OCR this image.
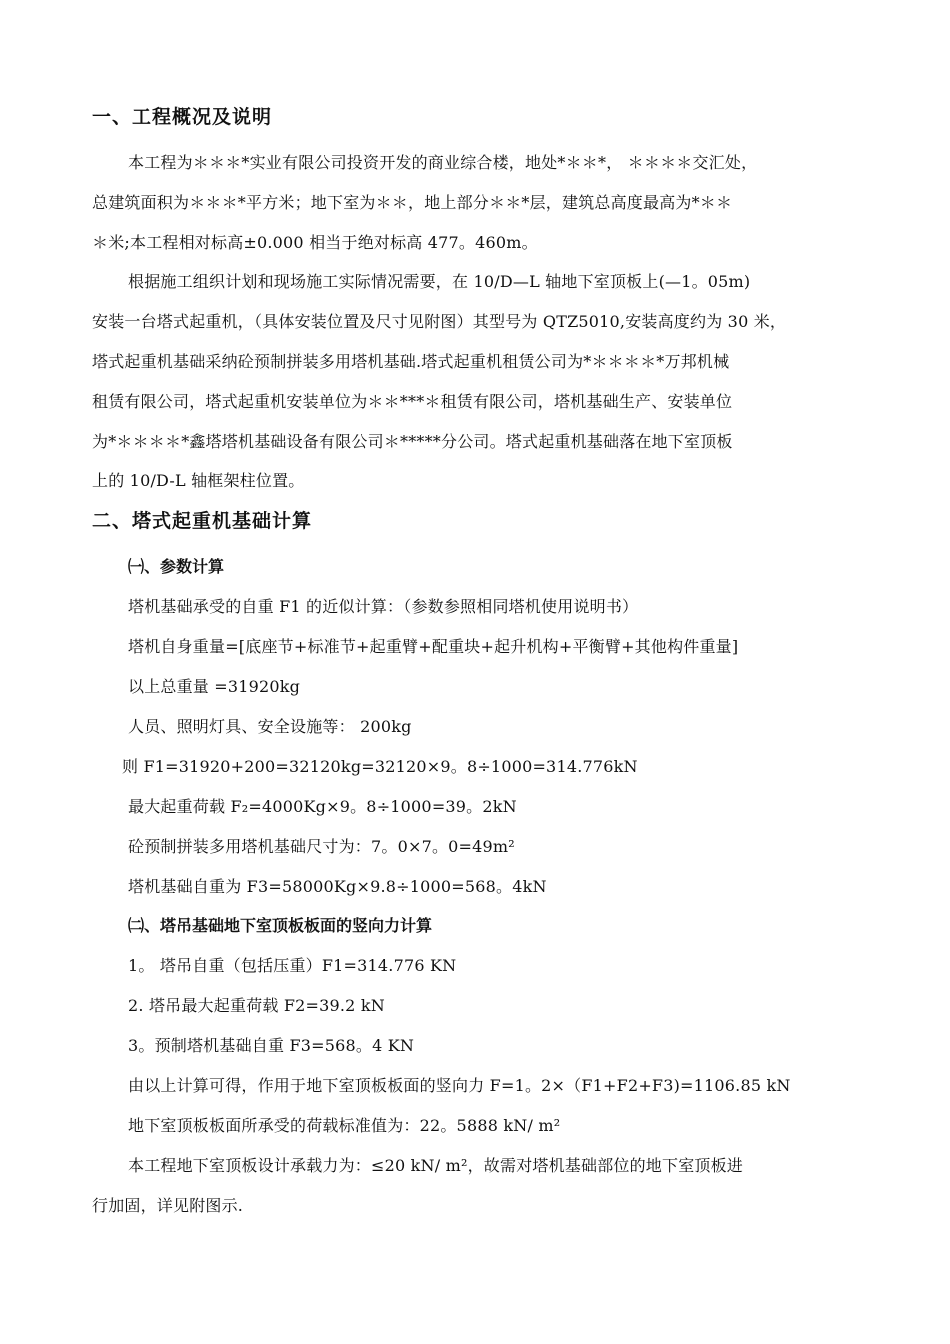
一、工程概况及说明

本工程为＊＊＊*实业有限公司投资开发的商业综合楼，地处*＊＊*， ＊＊＊＊交汇处，

总建筑面积为＊＊＊*平方米；地下室为＊＊，地上部分＊＊*层，建筑总高度最高为*＊＊

＊米;本工程相对标高±0.000 相当于绝对标高 477。460m。

根据施工组织计划和现场施工实际情况需要，在 10/D—L 轴地下室顶板上(—1。05m)

安装一台塔式起重机，（具体安装位置及尺寸见附图）其型号为 QTZ5010,安装高度约为 30 米，

塔式起重机基础采纳砼预制拼装多用塔机基础.塔式起重机租赁公司为*＊＊＊＊*万邦机械

租赁有限公司，塔式起重机安装单位为＊＊***＊租赁有限公司，塔机基础生产、安装单位

为*＊＊＊＊*鑫塔塔机基础设备有限公司＊*****分公司。塔式起重机基础落在地下室顶板

上的 10/D-L 轴框架柱位置。

二、塔式起重机基础计算
㈠、参数计算

塔机基础承受的自重 F1 的近似计算：（参数参照相同塔机使用说明书）

塔机自身重量=[底座节+标准节+起重臂+配重块+起升机构+平衡臂+其他构件重量]

以上总重量 =31920kg

人员、照明灯具、安全设施等： 200kg

则 F1=31920+200=32120kg=32120×9。8÷1000=314.776kN

最大起重荷载 F₂=4000Kg×9。8÷1000=39。2kN

砼预制拼装多用塔机基础尺寸为：7。0×7。0=49m²

塔机基础自重为 F3=58000Kg×9.8÷1000=568。4kN

㈡、塔吊基础地下室顶板板面的竖向力计算

1。 塔吊自重（包括压重）F1=314.776 KN

2. 塔吊最大起重荷载 F2=39.2 kN

3。预制塔机基础自重 F3=568。4 KN

由以上计算可得，作用于地下室顶板板面的竖向力 F=1。2×（F1+F2+F3)=1106.85 kN

地下室顶板板面所承受的荷载标准值为：22。5888 kN/ m²

本工程地下室顶板设计承载力为：≤20 kN/ m²，故需对塔机基础部位的地下室顶板进

行加固，详见附图示.
